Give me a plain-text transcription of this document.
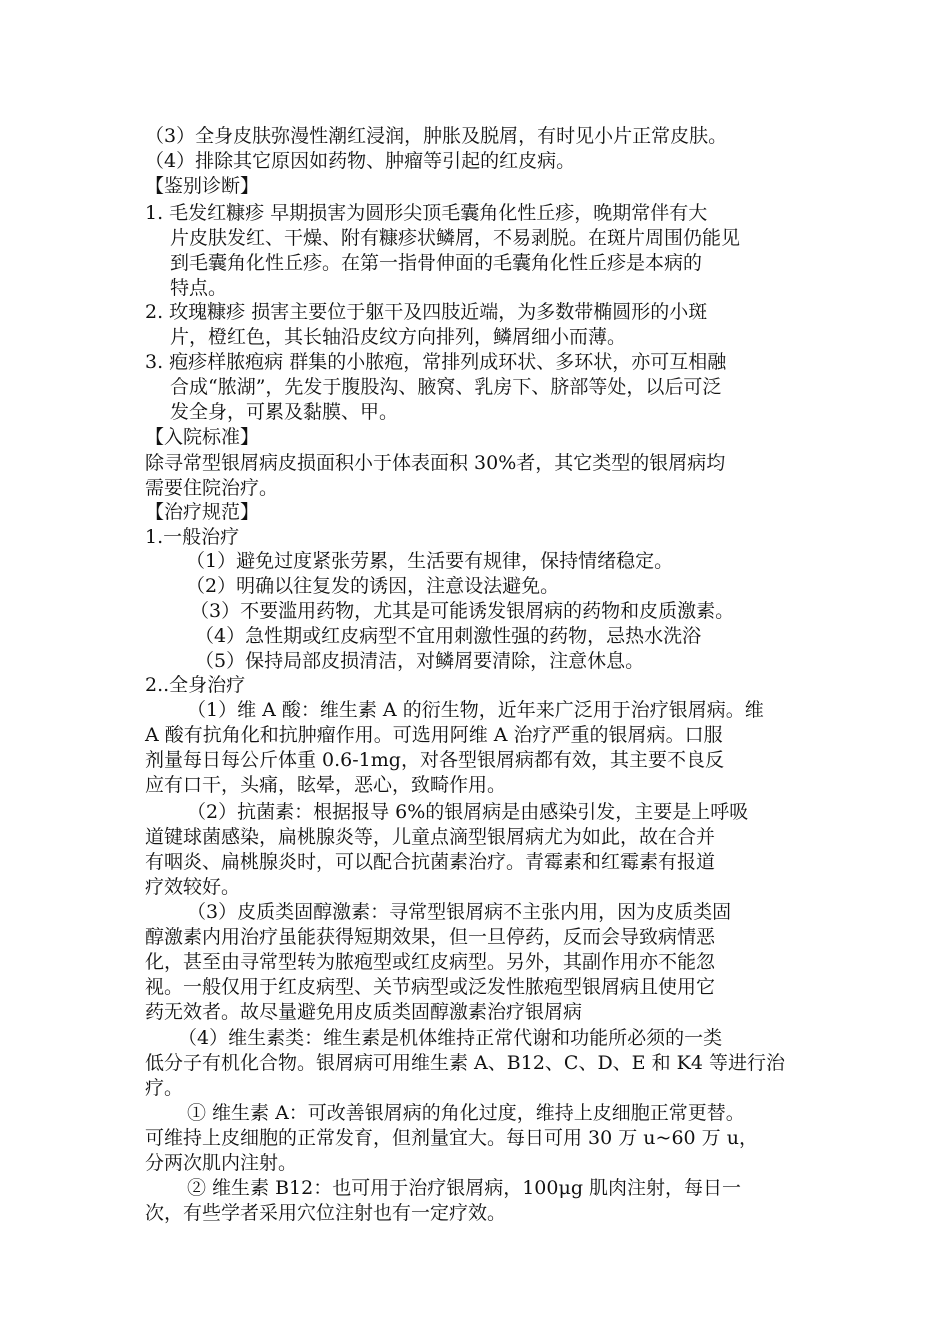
（3）全身皮肤弥漫性潮红浸润，肿胀及脱屑，有时见小片正常皮肤。
（4）排除其它原因如药物、肿瘤等引起的红皮病。
【鉴别诊断】
1. 毛发红糠疹 早期损害为圆形尖顶毛囊角化性丘疹，晚期常伴有大
片皮肤发红、干燥、附有糠疹状鳞屑，不易剥脱。在斑片周围仍能见
到毛囊角化性丘疹。在第一指骨伸面的毛囊角化性丘疹是本病的
特点。
2. 玫瑰糠疹 损害主要位于躯干及四肢近端，为多数带椭圆形的小斑
片，橙红色，其长轴沿皮纹方向排列，鳞屑细小而薄。
3. 疱疹样脓疱病 群集的小脓疱，常排列成环状、多环状，亦可互相融
合成“脓湖”，先发于腹股沟、腋窝、乳房下、脐部等处，以后可泛
发全身，可累及黏膜、甲。
【入院标准】
除寻常型银屑病皮损面积小于体表面积 30%者，其它类型的银屑病均
需要住院治疗。
【治疗规范】
1.一般治疗
（1）避免过度紧张劳累，生活要有规律，保持情绪稳定。
（2）明确以往复发的诱因，注意设法避免。
（3）不要滥用药物，尤其是可能诱发银屑病的药物和皮质激素。
（4）急性期或红皮病型不宜用刺激性强的药物，忌热水洗浴
（5）保持局部皮损清洁，对鳞屑要清除，注意休息。
2..全身治疗
（1）维 A 酸：维生素 A 的衍生物，近年来广泛用于治疗银屑病。维
A 酸有抗角化和抗肿瘤作用。可选用阿维 A 治疗严重的银屑病。口服
剂量每日每公斤体重 0.6-1mg，对各型银屑病都有效，其主要不良反
应有口干，头痛，眩晕，恶心，致畸作用。
（2）抗菌素：根据报导 6%的银屑病是由感染引发，主要是上呼吸
道键球菌感染，扁桃腺炎等，儿童点滴型银屑病尤为如此，故在合并
有咽炎、扁桃腺炎时，可以配合抗菌素治疗。青霉素和红霉素有报道
疗效较好。
（3）皮质类固醇激素：寻常型银屑病不主张内用，因为皮质类固
醇激素内用治疗虽能获得短期效果，但一旦停药，反而会导致病情恶
化，甚至由寻常型转为脓疱型或红皮病型。另外，其副作用亦不能忽
视。一般仅用于红皮病型、关节病型或泛发性脓疱型银屑病且使用它
药无效者。故尽量避免用皮质类固醇激素治疗银屑病
（4）维生素类：维生素是机体维持正常代谢和功能所必须的一类
低分子有机化合物。银屑病可用维生素 A、B12、C、D、E 和 K4 等进行治
疗。
① 维生素 A：可改善银屑病的角化过度，维持上皮细胞正常更替。
可维持上皮细胞的正常发育，但剂量宜大。每日可用 30 万 u~60 万 u，
分两次肌内注射。
② 维生素 B12：也可用于治疗银屑病，100μg 肌肉注射，每日一
次，有些学者采用穴位注射也有一定疗效。
